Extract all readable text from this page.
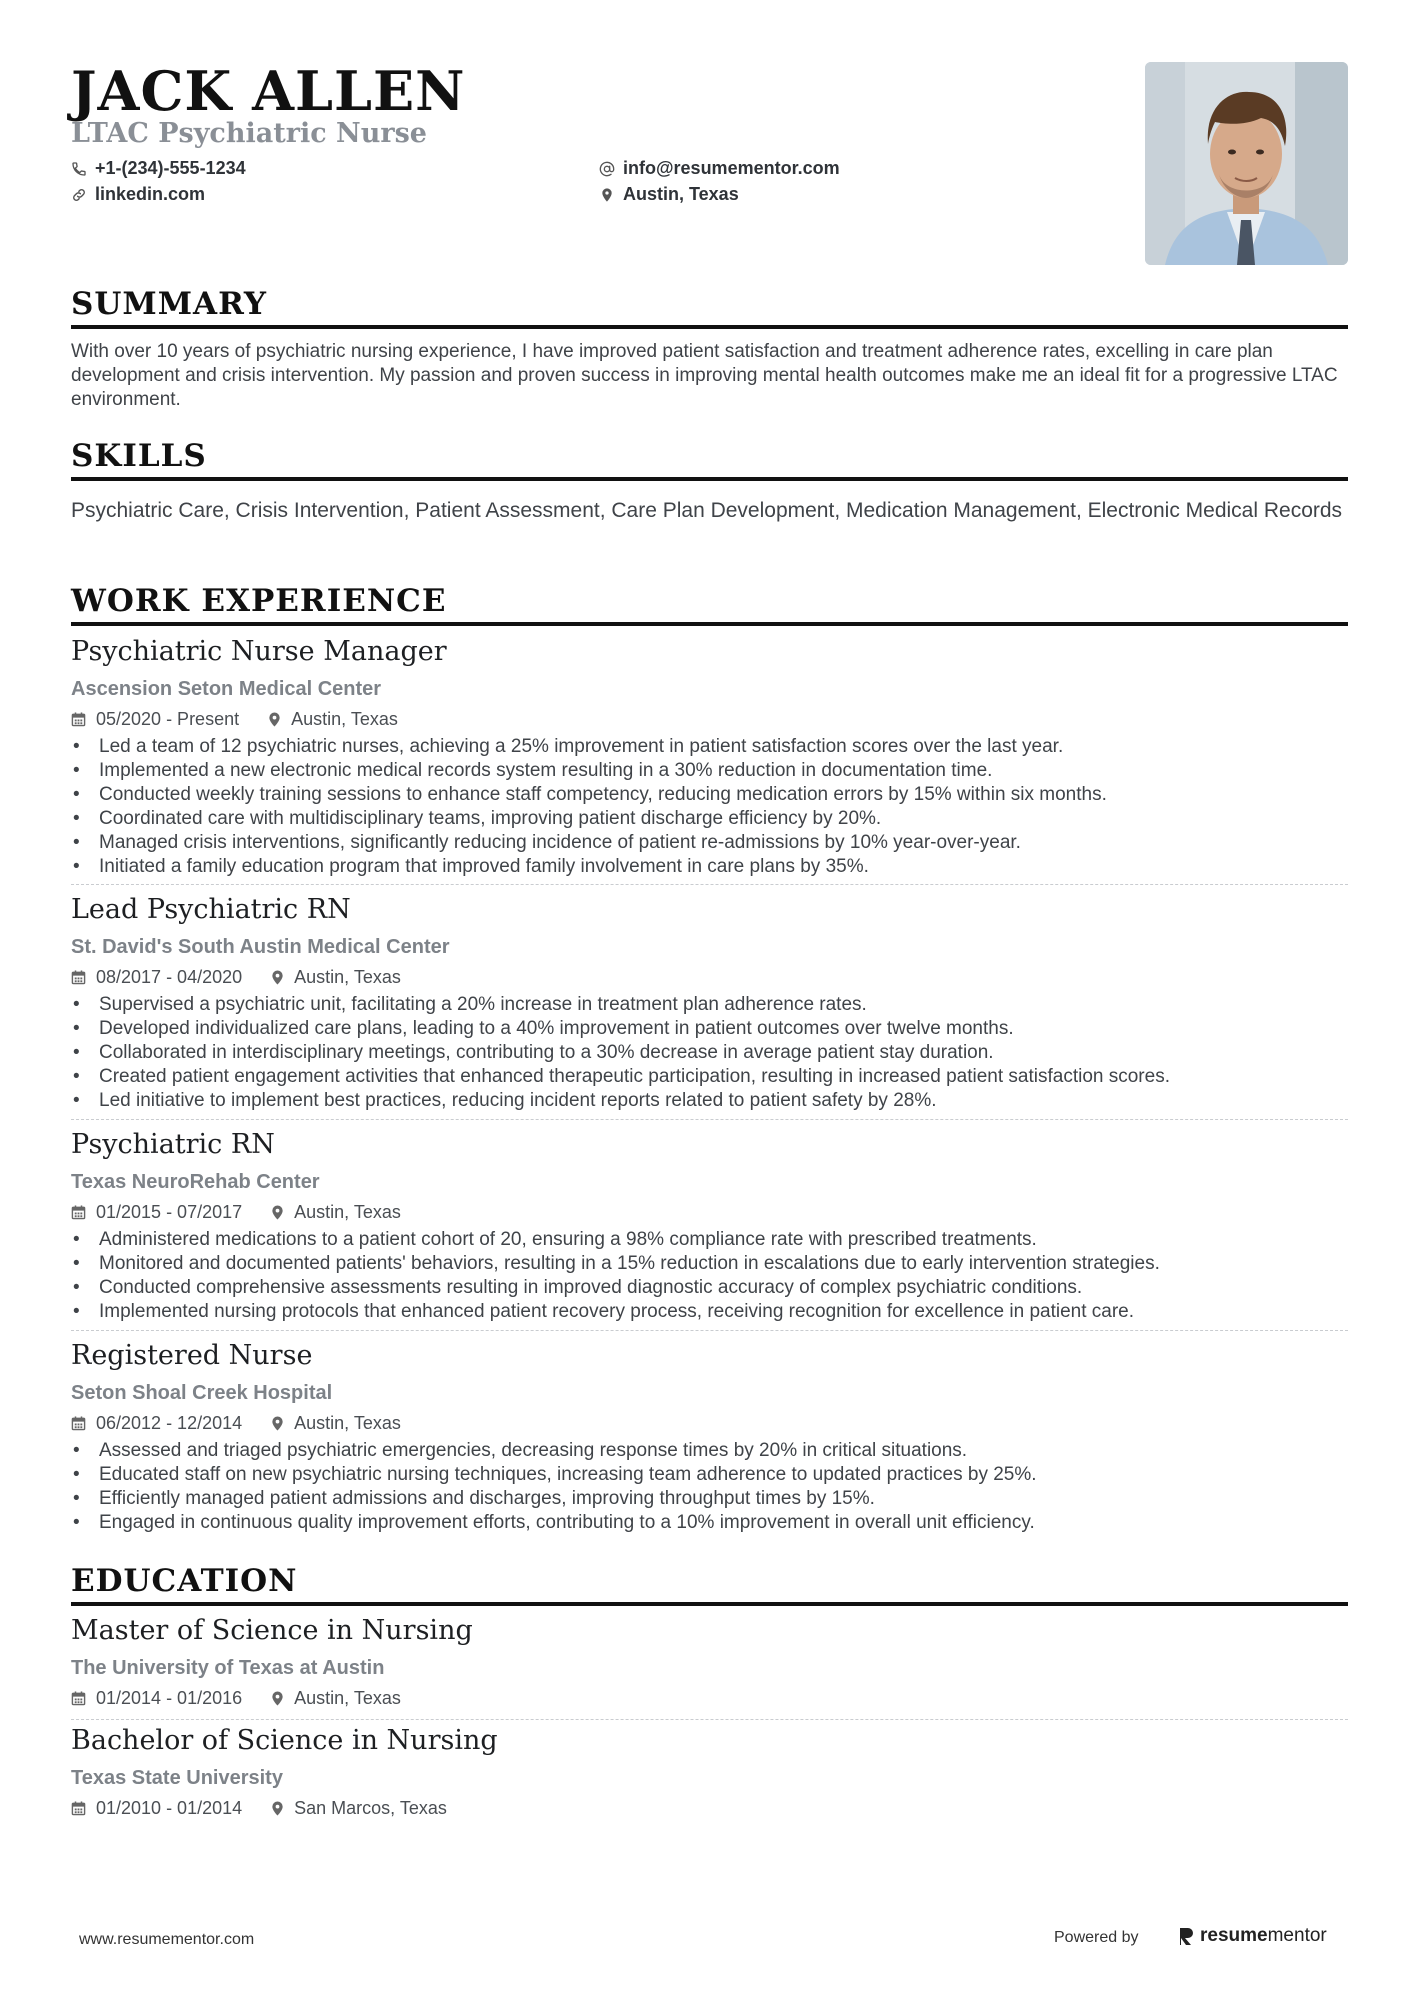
JACK ALLEN
LTAC Psychiatric Nurse
+1-(234)-555-1234
linkedin.com
info@resumementor.com
Austin, Texas
SUMMARY
With over 10 years of psychiatric nursing experience, I have improved patient satisfaction and treatment adherence rates, excelling in care plan development and crisis intervention. My passion and proven success in improving mental health outcomes make me an ideal fit for a progressive LTAC environment.
SKILLS
Psychiatric Care, Crisis Intervention, Patient Assessment, Care Plan Development, Medication Management, Electronic Medical Records
WORK EXPERIENCE
Psychiatric Nurse Manager
Ascension Seton Medical Center
05/2020 - Present	Austin, Texas
• Led a team of 12 psychiatric nurses, achieving a 25% improvement in patient satisfaction scores over the last year.
• Implemented a new electronic medical records system resulting in a 30% reduction in documentation time.
• Conducted weekly training sessions to enhance staff competency, reducing medication errors by 15% within six months.
• Coordinated care with multidisciplinary teams, improving patient discharge efficiency by 20%.
• Managed crisis interventions, significantly reducing incidence of patient re-admissions by 10% year-over-year.
• Initiated a family education program that improved family involvement in care plans by 35%.
Lead Psychiatric RN
St. David's South Austin Medical Center
08/2017 - 04/2020	Austin, Texas
• Supervised a psychiatric unit, facilitating a 20% increase in treatment plan adherence rates.
• Developed individualized care plans, leading to a 40% improvement in patient outcomes over twelve months.
• Collaborated in interdisciplinary meetings, contributing to a 30% decrease in average patient stay duration.
• Created patient engagement activities that enhanced therapeutic participation, resulting in increased patient satisfaction scores.
• Led initiative to implement best practices, reducing incident reports related to patient safety by 28%.
Psychiatric RN
Texas NeuroRehab Center
01/2015 - 07/2017	Austin, Texas
• Administered medications to a patient cohort of 20, ensuring a 98% compliance rate with prescribed treatments.
• Monitored and documented patients' behaviors, resulting in a 15% reduction in escalations due to early intervention strategies.
• Conducted comprehensive assessments resulting in improved diagnostic accuracy of complex psychiatric conditions.
• Implemented nursing protocols that enhanced patient recovery process, receiving recognition for excellence in patient care.
Registered Nurse
Seton Shoal Creek Hospital
06/2012 - 12/2014	Austin, Texas
• Assessed and triaged psychiatric emergencies, decreasing response times by 20% in critical situations.
• Educated staff on new psychiatric nursing techniques, increasing team adherence to updated practices by 25%.
• Efficiently managed patient admissions and discharges, improving throughput times by 15%.
• Engaged in continuous quality improvement efforts, contributing to a 10% improvement in overall unit efficiency.
EDUCATION
Master of Science in Nursing
The University of Texas at Austin
01/2014 - 01/2016	Austin, Texas
Bachelor of Science in Nursing
Texas State University
01/2010 - 01/2014	San Marcos, Texas
www.resumementor.com	Powered by	resume mentor
